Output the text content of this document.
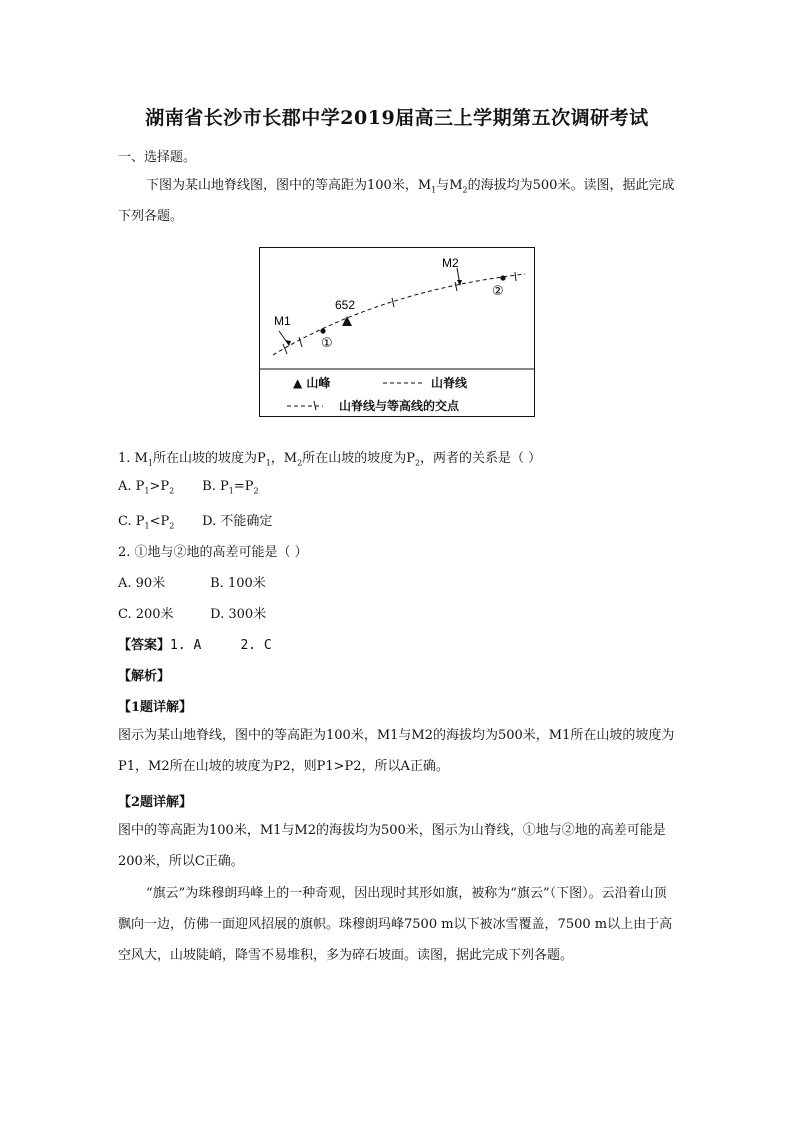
湖南省长沙市长郡中学2019届高三上学期第五次调研考试
一、选择题。
下图为某山地脊线图，图中的等高距为100米，$M_1$与$M_2$的海拔均为500米。读图，据此完成下列各题。
M1
M2
652
①
②
▲ 山峰	山脊线
山脊线与等高线的交点
1. $M_1$所在山坡的坡度为$P_1$，$M_2$所在山坡的坡度为$P_2$，两者的关系是（ ）
A. $P_1>P_2$ B. $P_1=P_2$
C. $P_1<P_2$ D. 不能确定
2. ①地与②地的高差可能是（ ）
A. 90米	B. 100米
C. 200米	D. 300米
【答案】1. A     2. C
【解析】
【1题详解】
图示为某山地脊线，图中的等高距为100米，M1与M2的海拔均为500米，M1所在山坡的坡度为P1，M2所在山坡的坡度为P2，则P1>P2，所以A正确。
【2题详解】
图中的等高距为100米，M1与M2的海拔均为500米，图示为山脊线，①地与②地的高差可能是200米，所以C正确。
“旗云”为珠穆朗玛峰上的一种奇观，因出现时其形如旗，被称为“旗云”（下图）。云沿着山顶飘向一边，仿佛一面迎风招展的旗帜。珠穆朗玛峰7500 m以下被冰雪覆盖，7500 m以上由于高空风大，山坡陡峭，降雪不易堆积，多为碎石坡面。读图，据此完成下列各题。
